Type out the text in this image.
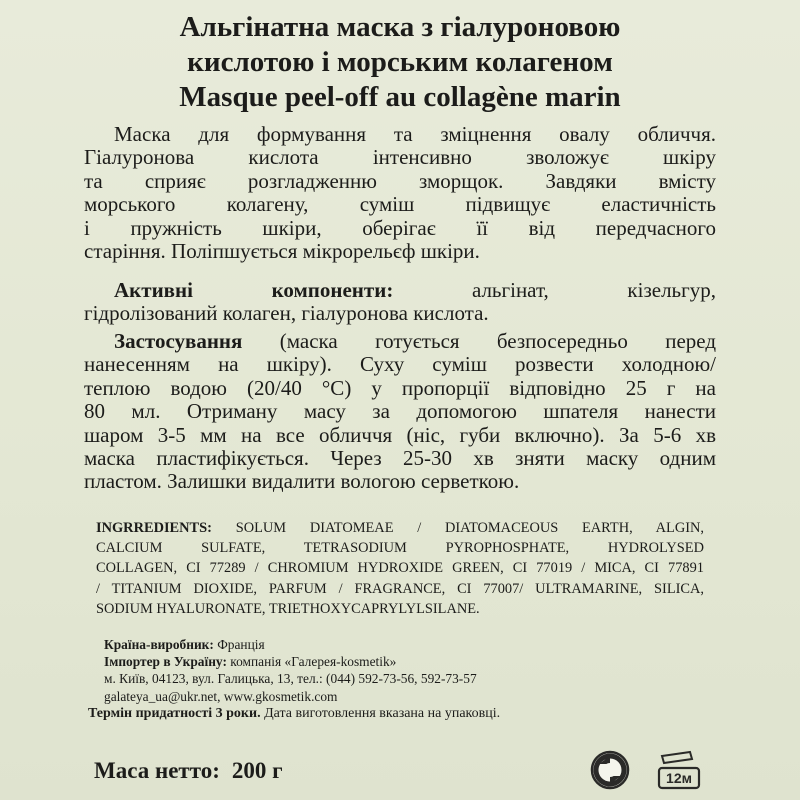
Альгінатна маска з гіалуроновою
кислотою і морським колагеном
Masque peel-off au collagène marin
Маска для формування та зміцнення овалу обличчя.
Гіалуронова кислота інтенсивно зволожує шкіру
та сприяє розгладженню зморщок. Завдяки вмісту
морського колагену, суміш підвищує еластичність
і пружність шкіри, оберігає її від передчасного
старіння. Поліпшується мікрорельєф шкіри.
Активні компоненти:	альгінат, кізельгур,
гідролізований колаген, гіалуронова кислота.
Застосування (маска готується безпосередньо перед
нанесенням на шкіру). Суху суміш розвести холодною/
теплою водою (20/40 °С) у пропорції відповідно 25 г на
80 мл. Отриману масу за допомогою шпателя нанести
шаром 3-5 мм на все обличчя (ніс, губи включно). За 5-6 хв
маска пластифікується. Через 25-30 хв зняти маску одним
пластом. Залишки видалити вологою серветкою.
INGRREDIENTS: SOLUM DIATOMEAE / DIATOMACEOUS EARTH, ALGIN,
CALCIUM SULFATE, TETRASODIUM PYROPHOSPHATE, HYDROLYSED
COLLAGEN, CI 77289 / CHROMIUM HYDROXIDE GREEN, CI 77019 / MICA, CI 77891
/ TITANIUM DIOXIDE, PARFUM / FRAGRANCE, CI 77007/ ULTRAMARINE, SILICA,
SODIUM HYALURONATE, TRIETHOXYCAPRYLYLSILANE.
Країна-виробник: Франція
Імпортер в Україну: компанія «Галерея-kosmetik»
м. Київ, 04123, вул. Галицька, 13, тел.: (044) 592-73-56, 592-73-57
galateya_ua@ukr.net, www.gkosmetik.com
Термін придатності 3 роки. Дата виготовлення вказана на упаковці.
Маса нетто: 200 г	12м
